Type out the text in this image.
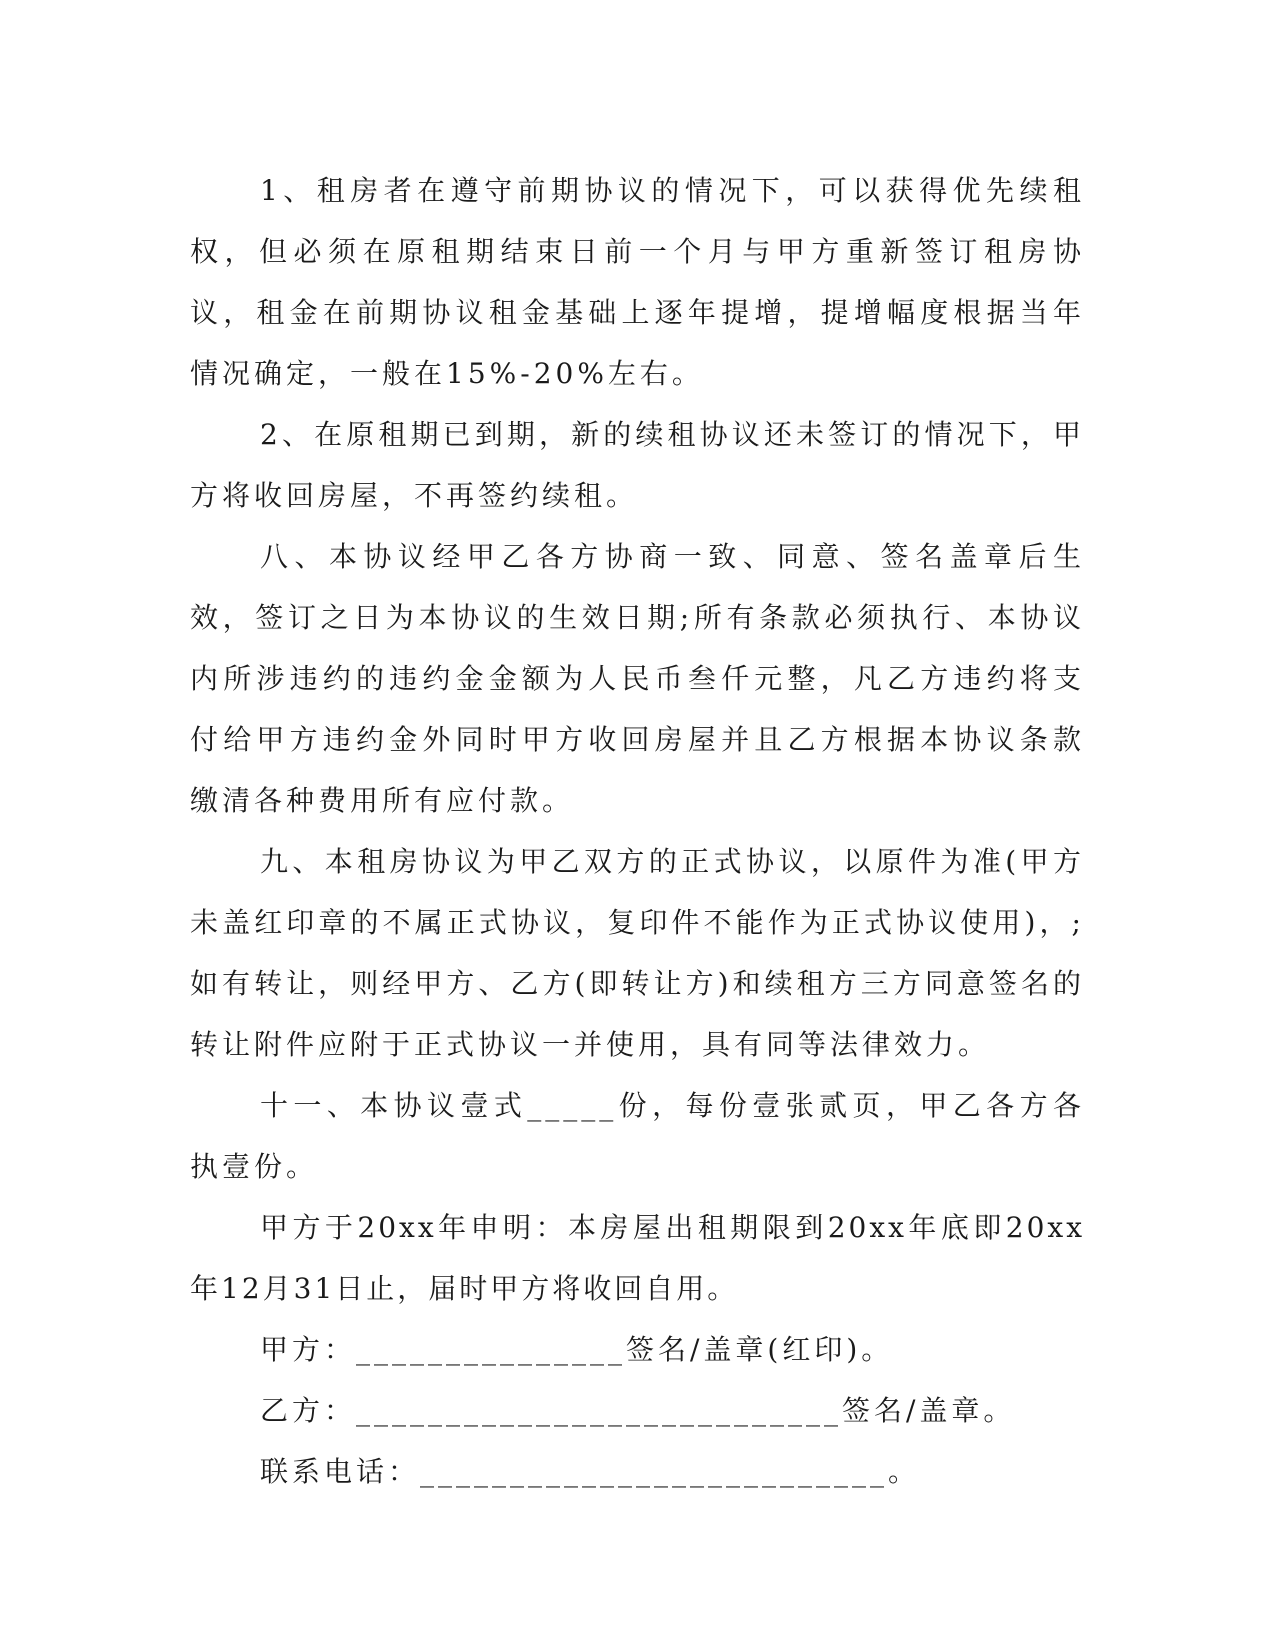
1、租房者在遵守前期协议的情况下，可以获得优先续租权，但必须在原租期结束日前一个月与甲方重新签订租房协议，租金在前期协议租金基础上逐年提增，提增幅度根据当年情况确定，一般在15%-20%左右。

2、在原租期已到期，新的续租协议还未签订的情况下，甲方将收回房屋，不再签约续租。

八、本协议经甲乙各方协商一致、同意、签名盖章后生效，签订之日为本协议的生效日期;所有条款必须执行、本协议内所涉违约的违约金金额为人民币叁仟元整，凡乙方违约将支付给甲方违约金外同时甲方收回房屋并且乙方根据本协议条款缴清各种费用所有应付款。

九、本租房协议为甲乙双方的正式协议，以原件为准(甲方未盖红印章的不属正式协议，复印件不能作为正式协议使用)，;如有转让，则经甲方、乙方(即转让方)和续租方三方同意签名的转让附件应附于正式协议一并使用，具有同等法律效力。

十一、本协议壹式_____份，每份壹张贰页，甲乙各方各执壹份。

甲方于20xx年申明：本房屋出租期限到20xx年底即20xx年12月31日止，届时甲方将收回自用。

甲方：_______________签名/盖章(红印)。

乙方：___________________________签名/盖章。

联系电话：__________________________。
